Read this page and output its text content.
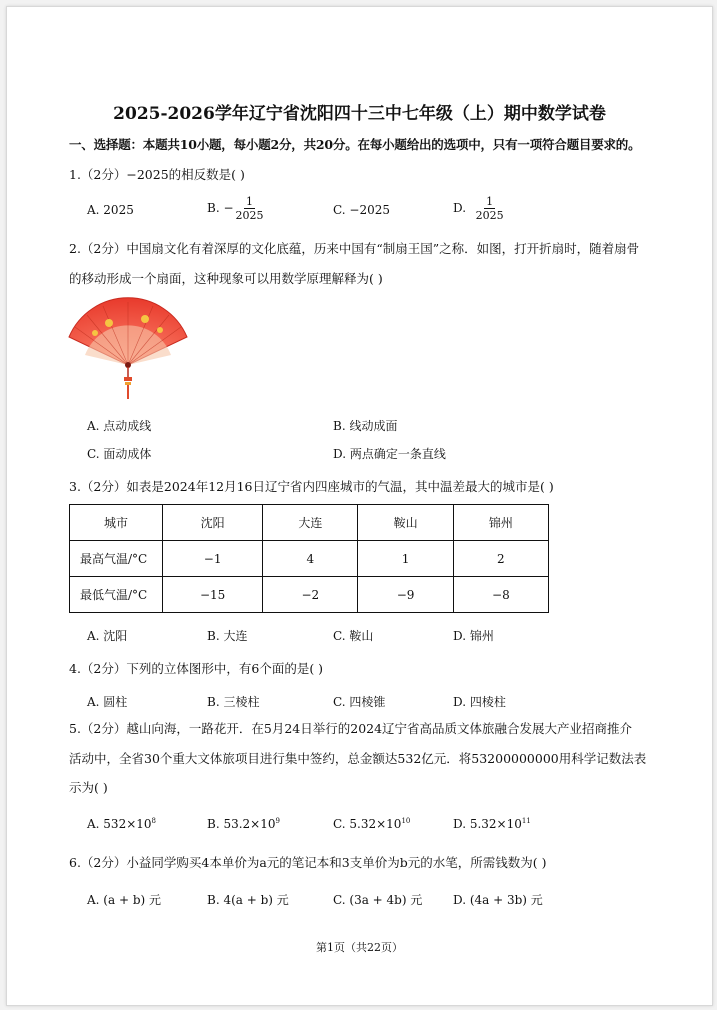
2025-2026学年辽宁省沈阳四十三中七年级（上）期中数学试卷
一、选择题：本题共10小题，每小题2分，共20分。在每小题给出的选项中，只有一项符合题目要求的。
1.（2分）−2025的相反数是( )
A. 2025	B. − $\frac{1}{2025}$	C. −2025	D. $\frac{1}{2025}$
2.（2分）中国扇文化有着深厚的文化底蕴，历来中国有“制扇王国”之称．如图，打开折扇时，随着扇骨
的移动形成一个扇面，这种现象可以用数学原理解释为( )
A. 点动成线	B. 线动成面
C. 面动成体	D. 两点确定一条直线
3.（2分）如表是2024年12月16日辽宁省内四座城市的气温，其中温差最大的城市是( )
城市	沈阳	大连	鞍山	锦州
最高气温/°C	−1	4	1	2
最低气温/°C	−15	−2	−9	−8
A. 沈阳	B. 大连	C. 鞍山	D. 锦州
4.（2分）下列的立体图形中，有6个面的是( )
A. 圆柱	B. 三棱柱	C. 四棱锥	D. 四棱柱
5.（2分）越山向海，一路花开．在5月24日举行的2024辽宁省高品质文体旅融合发展大产业招商推介
活动中，全省30个重大文体旅项目进行集中签约，总金额达532亿元．将53200000000用科学记数法表
示为( )
A. $532\times 10^8$	B. $53.2\times 10^9$	C. $5.32\times 10^{10}$	D. $5.32\times 10^{11}$
6.（2分）小益同学购买4本单价为a元的笔记本和3支单价为b元的水笔，所需钱数为( )
A. (a + b) 元	B. 4(a + b) 元	C. (3a + 4b) 元	D. (4a + 3b) 元
第1页（共22页）
